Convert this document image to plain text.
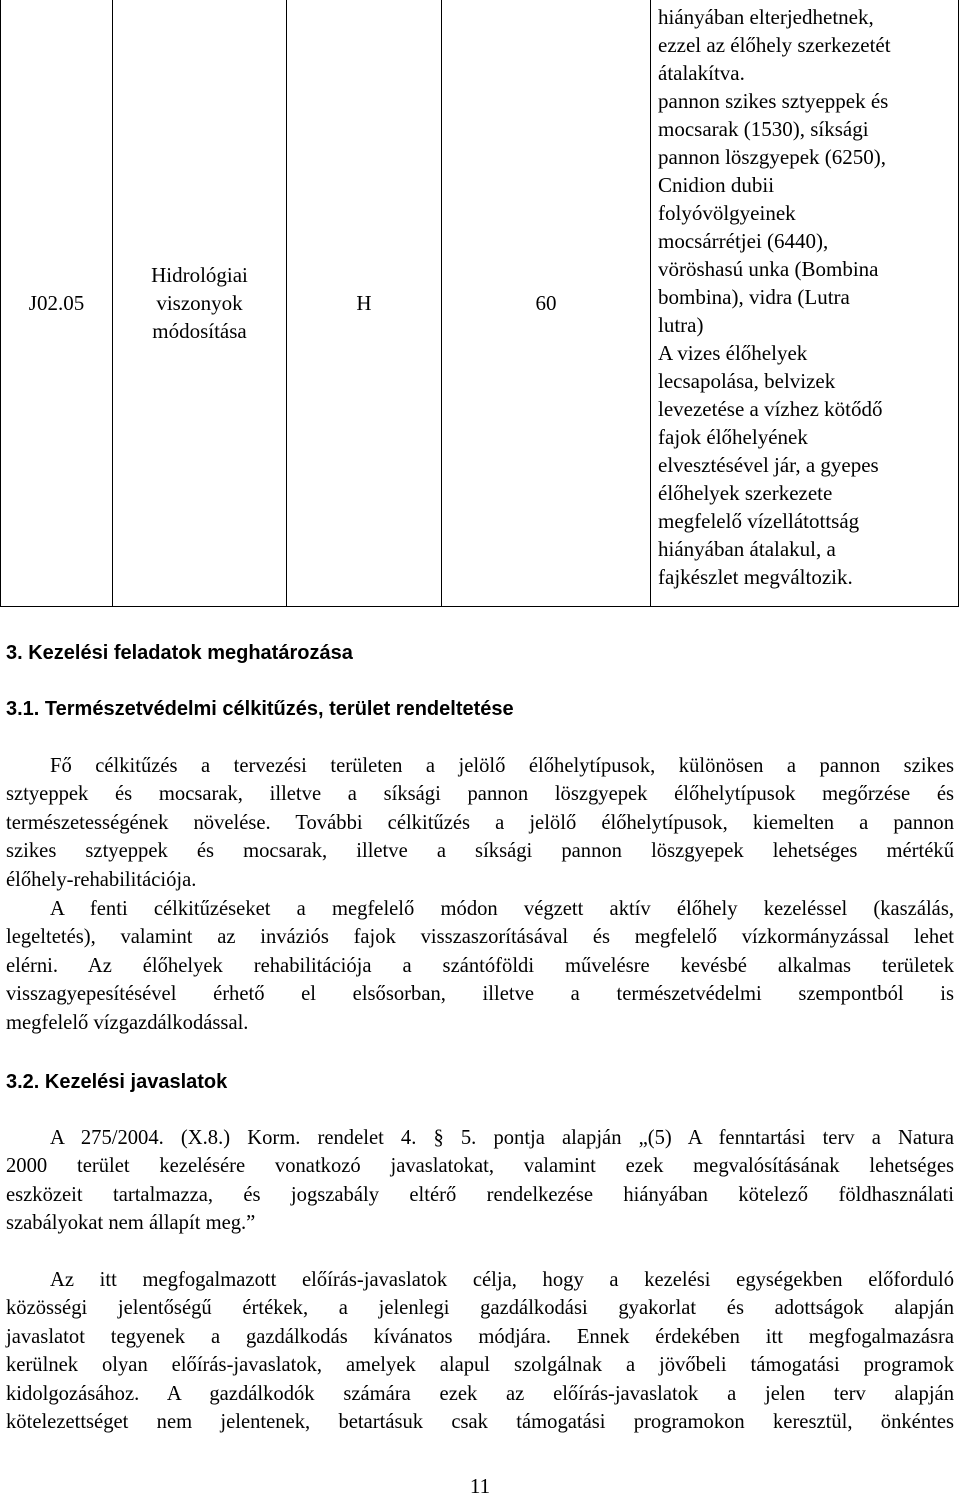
J02.05
Hidrológiai
viszonyok
módosítása
H	60
hiányában elterjedhetnek,
ezzel az élőhely szerkezetét
átalakítva.
pannon szikes sztyeppek és
mocsarak (1530), síksági
pannon löszgyepek (6250),
Cnidion dubii
folyóvölgyeinek
mocsárrétjei (6440),
vöröshasú unka (Bombina
bombina), vidra (Lutra
lutra)
A vizes élőhelyek
lecsapolása, belvizek
levezetése a vízhez kötődő
fajok élőhelyének
elvesztésével jár, a gyepes
élőhelyek szerkezete
megfelelő vízellátottság
hiányában átalakul, a
fajkészlet megváltozik.
3. Kezelési feladatok meghatározása
3.1. Természetvédelmi célkitűzés, terület rendeltetése
Fő célkitűzés a tervezési területen a jelölő élőhelytípusok, különösen a pannon szikes
sztyeppek és mocsarak, illetve a síksági pannon löszgyepek élőhelytípusok megőrzése és
természetességének növelése. További célkitűzés a jelölő élőhelytípusok, kiemelten a pannon
szikes sztyeppek és mocsarak, illetve a síksági pannon löszgyepek lehetséges mértékű
élőhely-rehabilitációja.
A fenti célkitűzéseket a megfelelő módon végzett aktív élőhely kezeléssel (kaszálás,
legeltetés), valamint az inváziós fajok visszaszorításával és megfelelő vízkormányzással lehet
elérni. Az élőhelyek rehabilitációja a szántóföldi művelésre kevésbé alkalmas területek
visszagyepesítésével érhető el elsősorban, illetve a természetvédelmi szempontból is
megfelelő vízgazdálkodással.
3.2. Kezelési javaslatok
A 275/2004. (X.8.) Korm. rendelet 4. § 5. pontja alapján „(5) A fenntartási terv a Natura
2000 terület kezelésére vonatkozó javaslatokat, valamint ezek megvalósításának lehetséges
eszközeit tartalmazza, és jogszabály eltérő rendelkezése hiányában kötelező földhasználati
szabályokat nem állapít meg.”
Az itt megfogalmazott előírás-javaslatok célja, hogy a kezelési egységekben előforduló
közösségi jelentőségű értékek, a jelenlegi gazdálkodási gyakorlat és adottságok alapján
javaslatot tegyenek a gazdálkodás kívánatos módjára. Ennek érdekében itt megfogalmazásra
kerülnek olyan előírás-javaslatok, amelyek alapul szolgálnak a jövőbeli támogatási programok
kidolgozásához. A gazdálkodók számára ezek az előírás-javaslatok a jelen terv alapján
kötelezettséget nem jelentenek, betartásuk csak támogatási programokon keresztül, önkéntes
11
